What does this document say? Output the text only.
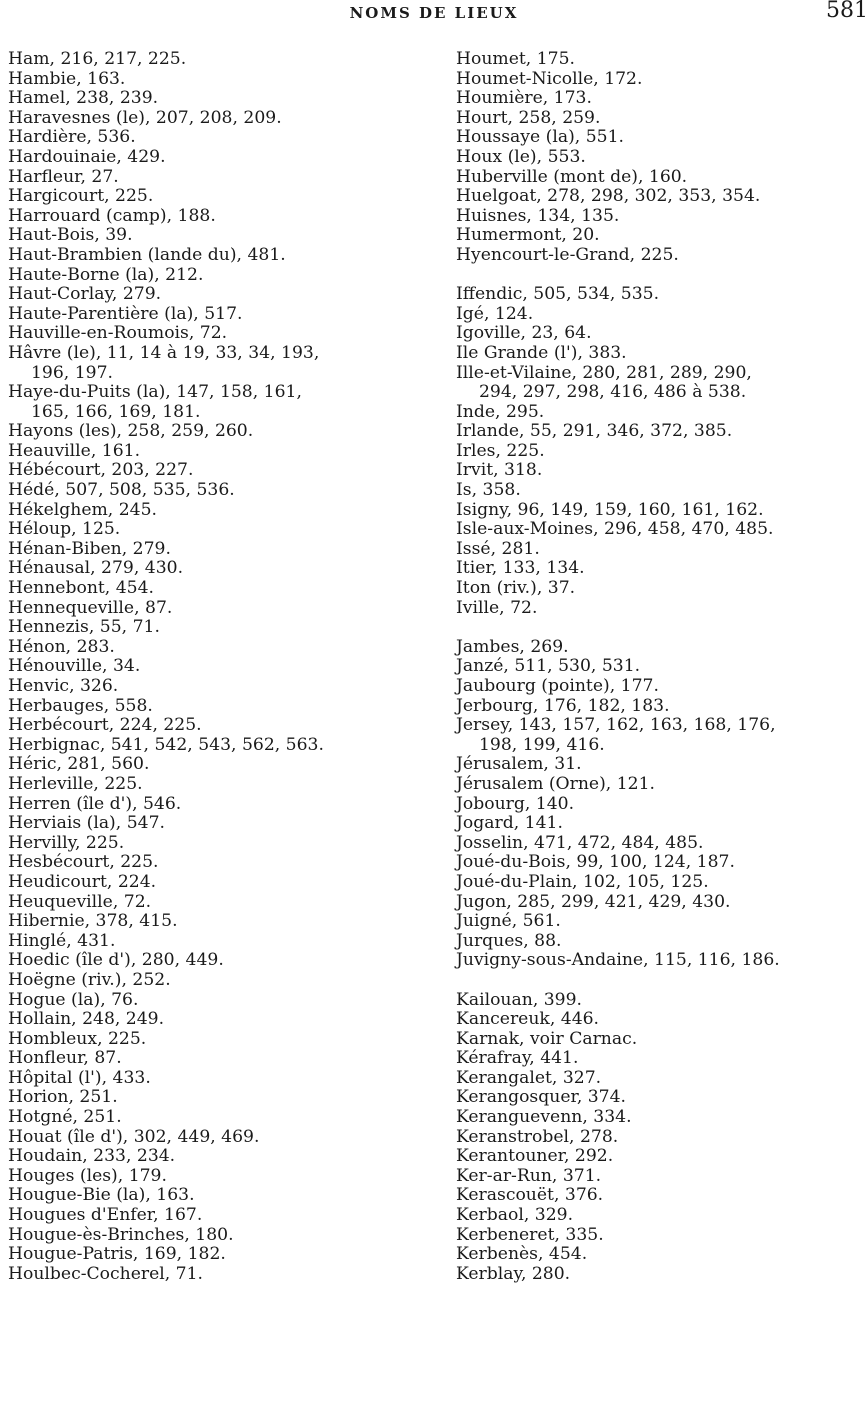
NOMS DE LIEUX	581
Ham, 216, 217, 225.
Hambie, 163.
Hamel, 238, 239.
Haravesnes (le), 207, 208, 209.
Hardière, 536.
Hardouinaie, 429.
Harfleur, 27.
Hargicourt, 225.
Harrouard (camp), 188.
Haut-Bois, 39.
Haut-Brambien (lande du), 481.
Haute-Borne (la), 212.
Haut-Corlay, 279.
Haute-Parentière (la), 517.
Hauville-en-Roumois, 72.
Hâvre (le), 11, 14 à 19, 33, 34, 193,
196, 197.
Haye-du-Puits (la), 147, 158, 161,
165, 166, 169, 181.
Hayons (les), 258, 259, 260.
Heauville, 161.
Hébécourt, 203, 227.
Hédé, 507, 508, 535, 536.
Hékelghem, 245.
Héloup, 125.
Hénan-Biben, 279.
Hénausal, 279, 430.
Hennebont, 454.
Hennequeville, 87.
Hennezis, 55, 71.
Hénon, 283.
Hénouville, 34.
Henvic, 326.
Herbauges, 558.
Herbécourt, 224, 225.
Herbignac, 541, 542, 543, 562, 563.
Héric, 281, 560.
Herleville, 225.
Herren (île d'), 546.
Herviais (la), 547.
Hervilly, 225.
Hesbécourt, 225.
Heudicourt, 224.
Heuqueville, 72.
Hibernie, 378, 415.
Hinglé, 431.
Hoedic (île d'), 280, 449.
Hoëgne (riv.), 252.
Hogue (la), 76.
Hollain, 248, 249.
Hombleux, 225.
Honfleur, 87.
Hôpital (l'), 433.
Horion, 251.
Hotgné, 251.
Houat (île d'), 302, 449, 469.
Houdain, 233, 234.
Houges (les), 179.
Hougue-Bie (la), 163.
Hougues d'Enfer, 167.
Hougue-ès-Brinches, 180.
Hougue-Patris, 169, 182.
Houlbec-Cocherel, 71.
Houmet, 175.
Houmet-Nicolle, 172.
Houmière, 173.
Hourt, 258, 259.
Houssaye (la), 551.
Houx (le), 553.
Huberville (mont de), 160.
Huelgoat, 278, 298, 302, 353, 354.
Huisnes, 134, 135.
Humermont, 20.
Hyencourt-le-Grand, 225.
Iffendic, 505, 534, 535.
Igé, 124.
Igoville, 23, 64.
Ile Grande (l'), 383.
Ille-et-Vilaine, 280, 281, 289, 290,
294, 297, 298, 416, 486 à 538.
Inde, 295.
Irlande, 55, 291, 346, 372, 385.
Irles, 225.
Irvit, 318.
Is, 358.
Isigny, 96, 149, 159, 160, 161, 162.
Isle-aux-Moines, 296, 458, 470, 485.
Issé, 281.
Itier, 133, 134.
Iton (riv.), 37.
Iville, 72.
Jambes, 269.
Janzé, 511, 530, 531.
Jaubourg (pointe), 177.
Jerbourg, 176, 182, 183.
Jersey, 143, 157, 162, 163, 168, 176,
198, 199, 416.
Jérusalem, 31.
Jérusalem (Orne), 121.
Jobourg, 140.
Jogard, 141.
Josselin, 471, 472, 484, 485.
Joué-du-Bois, 99, 100, 124, 187.
Joué-du-Plain, 102, 105, 125.
Jugon, 285, 299, 421, 429, 430.
Juigné, 561.
Jurques, 88.
Juvigny-sous-Andaine, 115, 116, 186.
Kailouan, 399.
Kancereuk, 446.
Karnak, voir Carnac.
Kérafray, 441.
Kerangalet, 327.
Kerangosquer, 374.
Keranguevenn, 334.
Keranstrobel, 278.
Kerantouner, 292.
Ker-ar-Run, 371.
Kerascouët, 376.
Kerbaol, 329.
Kerbeneret, 335.
Kerbenès, 454.
Kerblay, 280.
